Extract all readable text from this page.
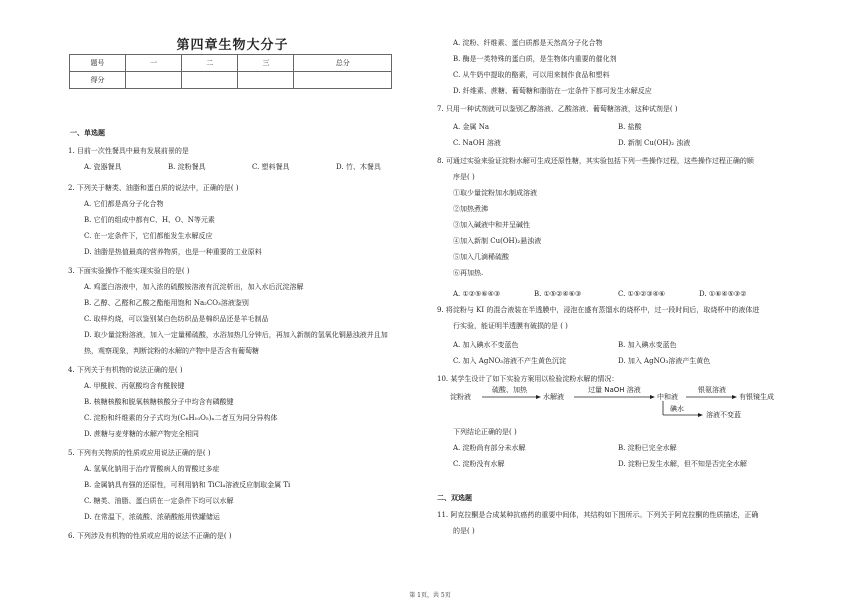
第四章生物大分子
题号	一	二	三	总分
得分				
一、单选题
1. 目前一次性餐具中最有发展前景的是
2. 下列关于糖类、油脂和蛋白质的说法中，正确的是( )
A. 它们都是高分子化合物
B. 它们的组成中都有C、H、O、N等元素
C. 在一定条件下，它们都能发生水解反应
D. 油脂是热值最高的营养物质，也是一种重要的工业原料
3. 下面实验操作不能实现实验目的是( )
A. 鸡蛋白溶液中，加入浓的硫酸铵溶液有沉淀析出，加入水后沉淀溶解
B. 乙醇、乙醛和乙酸之酯能用饱和 Na₂CO₃溶液鉴别
C. 取样灼烧，可以鉴别某白色纺织品是棉织品还是羊毛制品
D. 取少量淀粉溶液，加入一定量稀硫酸，水浴加热几分钟后，再加入新制的氢氧化铜悬浊液并且加
热，观察现象，判断淀粉的水解的产物中是否含有葡萄糖
4. 下列关于有机物的说法正确的是( )
A. 甲酰胺、丙氨酸均含有酰胺键
B. 核糖核酸和脱氧核糖核酸分子中均含有磷酸键
C. 淀粉和纤维素的分子式均为(C₆H₁₀O₅)ₙ二者互为同分异构体
D. 蔗糖与麦芽糖的水解产物完全相同
5. 下列有关物质的性质或应用说法正确的是( )
A. 氢氧化钠用于治疗胃酸病人的胃酸过多症
B. 金属钠具有强的还原性，可利用钠和 TiCl₄溶液反应制取金属 Ti
C. 糖类、油脂、蛋白质在一定条件下均可以水解
D. 在常温下，浓硫酸、浓硝酸能用铁罐储运
6. 下列涉及有机物的性质或应用的说法不正确的是( )
A. 瓷器餐具	B. 淀粉餐具	C. 塑料餐具	D. 竹、木餐具
A. 淀粉、纤维素、蛋白质都是天然高分子化合物
B. 酶是一类特殊的蛋白质，是生物体内重要的催化剂
C. 从牛奶中提取的酪素，可以用来制作食品和塑料
D. 纤维素、蔗糖、葡萄糖和脂肪在一定条件下都可发生水解反应
7. 只用一种试剂就可以鉴别乙醇溶液、乙酸溶液、葡萄糖溶液，这种试剂是( )
8. 可通过实验来验证淀粉水解可生成还原性糖，其实验包括下列一些操作过程，这些操作过程正确的顺
序是( )
①取少量淀粉加水制成溶液
②加热煮沸
③加入碱液中和并呈碱性
④加入新制 Cu(OH)₂悬浊液
⑤加入几滴稀硫酸
⑥再加热.
9. 将淀粉与 KI 的混合液装在半透膜中，浸泡在盛有蒸馏水的烧杯中，过一段时间后，取烧杯中的液体进
行实验，能证明半透膜有破损的是 ( )
10. 某学生设计了如下实验方案用以检验淀粉水解的情况：
下列结论正确的是( )
11. 阿克拉酮是合成某种抗癌药的重要中间体，其结构如下图所示。下列关于阿克拉酮的性质描述，正确
的是( )
A. 金属 Na	B. 盐酸
C. NaOH 溶液	D. 新制 Cu(OH)₂ 浊液
A. ①②⑤⑥④③	B. ①⑤②④⑥③	C. ①⑤②③④⑥	D. ①⑥④⑤③②
A. 加入碘水不变蓝色	B. 加入碘水变蓝色
C. 加入 AgNO₃溶液不产生黄色沉淀	D. 加入 AgNO₃溶液产生黄色
A. 淀粉尚有部分未水解	B. 淀粉已完全水解
C. 淀粉没有水解	D. 淀粉已发生水解，但不知是否完全水解
二、双选题
淀粉液
硫酸、加热
水解液
过量 NaOH 溶液
中和液
银氨溶液
有银镜生成
碘水
溶液不变蓝
第 1页，共 5页
